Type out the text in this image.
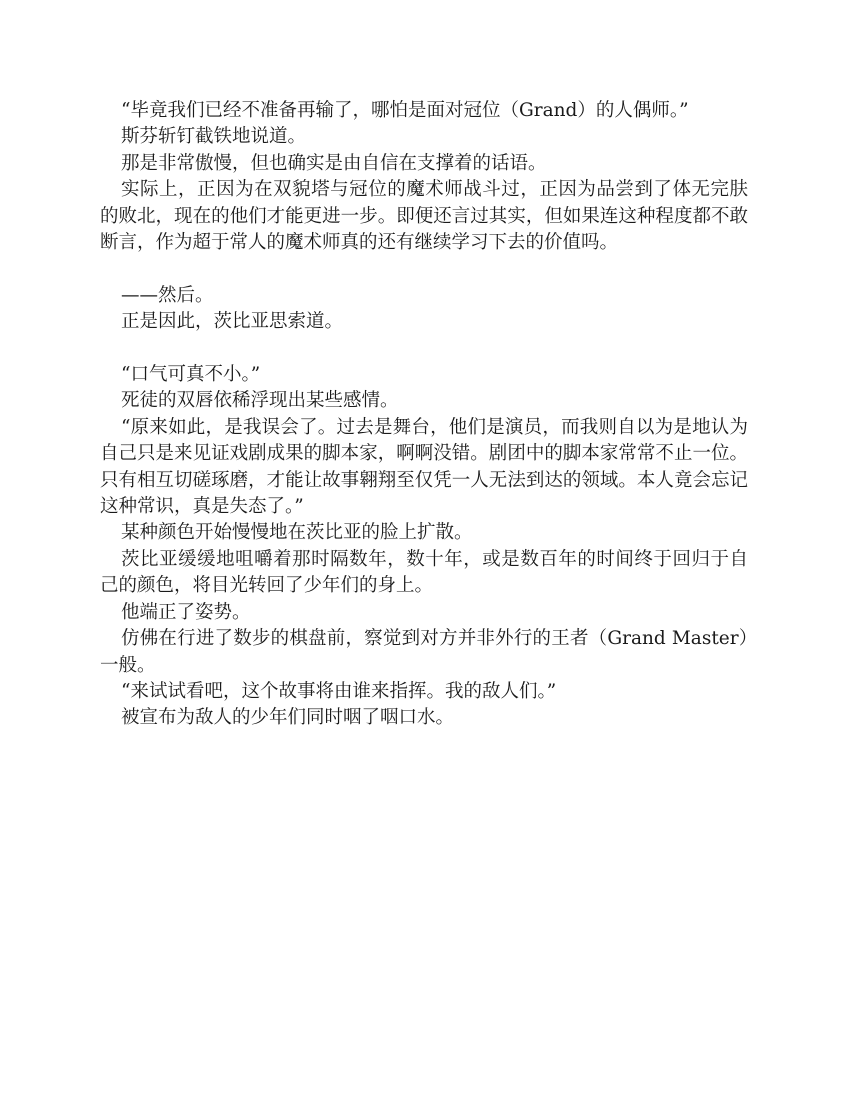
“毕竟我们已经不准备再输了，哪怕是面对冠位（Grand）的人偶师。”

斯芬斩钉截铁地说道。

那是非常傲慢，但也确实是由自信在支撑着的话语。

实际上，正因为在双貌塔与冠位的魔术师战斗过，正因为品尝到了体无完肤的败北，现在的他们才能更进一步。即便还言过其实，但如果连这种程度都不敢断言，作为超于常人的魔术师真的还有继续学习下去的价值吗。

——然后。

正是因此，茨比亚思索道。

“口气可真不小。”

死徒的双唇依稀浮现出某些感情。

“原来如此，是我误会了。过去是舞台，他们是演员，而我则自以为是地认为自己只是来见证戏剧成果的脚本家，啊啊没错。剧团中的脚本家常常不止一位。只有相互切磋琢磨，才能让故事翱翔至仅凭一人无法到达的领域。本人竟会忘记这种常识，真是失态了。”

某种颜色开始慢慢地在茨比亚的脸上扩散。

茨比亚缓缓地咀嚼着那时隔数年，数十年，或是数百年的时间终于回归于自己的颜色，将目光转回了少年们的身上。

他端正了姿势。

仿佛在行进了数步的棋盘前，察觉到对方并非外行的王者（Grand Master）一般。

“来试试看吧，这个故事将由谁来指挥。我的敌人们。”

被宣布为敌人的少年们同时咽了咽口水。
